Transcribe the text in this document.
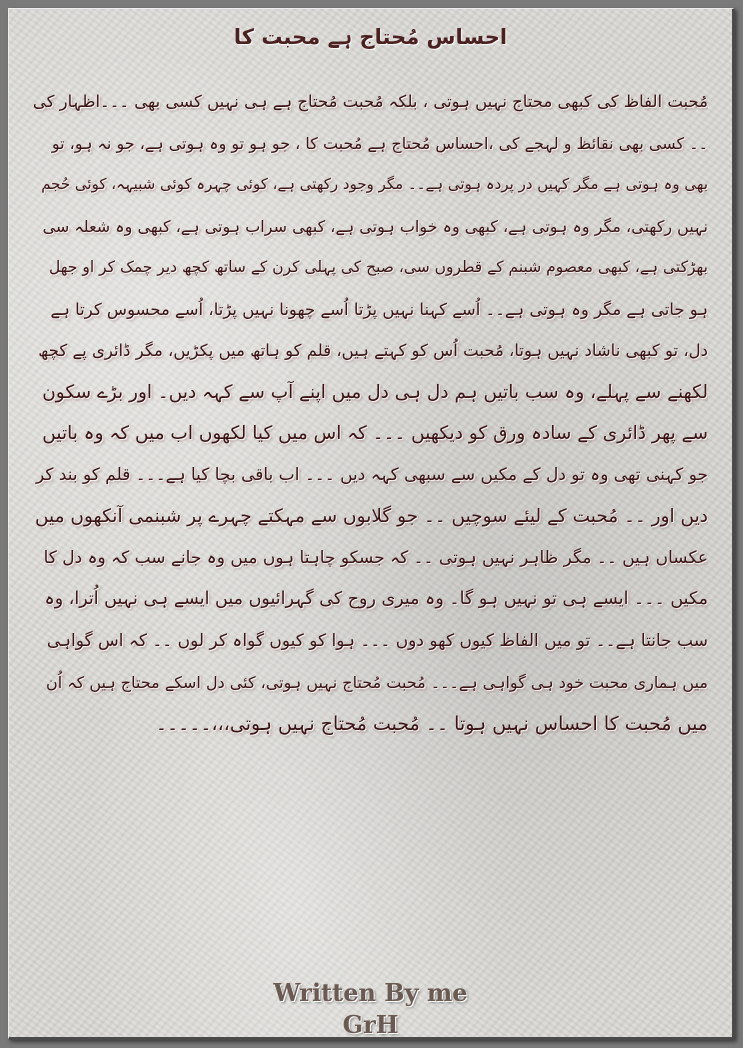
احساس مُحتاج ہے محبت کا
مُحبت الفاظ کی کبھی محتاج نہیں ہوتی ، بلکہ مُحبت مُحتاج ہے ہی نہیں کسی بھی ۔۔۔اظہار کی
۔۔ کسی بھی نقائظ و لہجے کی ،احساس مُحتاج ہے مُحبت کا ، جو ہو تو وہ ہوتی ہے، جو نہ ہو، تو
بھی وہ ہوتی ہے مگر کہیں در پردہ ہوتی ہے۔۔ مگر وجود رکھتی ہے، کوئی چہرہ کوئی شبیہہ، کوئی حُجم
نہیں رکھتی، مگر وہ ہوتی ہے، کبھی وہ خواب ہوتی ہے، کبھی سراب ہوتی ہے، کبھی وہ شعلہ سی
بھڑکتی ہے، کبھی معصوم شبنم کے قطروں سی، صبح کی پہلی کرن کے ساتھ کچھ دیر چمک کر او جھل
ہو جاتی ہے مگر وہ ہوتی ہے۔۔ اُسے کہنا نہیں پڑتا اُسے چھونا نہیں پڑتا، اُسے محسوس کرتا ہے
دل، تو کبھی ناشاد نہیں ہوتا، مُحبت اُس کو کہتے ہیں، قلم کو ہاتھ میں پکڑیں، مگر ڈائری پے کچھ
لکھنے سے پہلے، وہ سب باتیں ہم دل ہی دل میں اپنے آپ سے کہہ دیں۔ اور بڑے سکون
سے پھر ڈائری کے سادہ ورق کو دیکھیں ۔۔۔ کہ اس میں کیا لکھوں اب میں کہ وہ باتیں
جو کہنی تھی وہ تو دل کے مکیں سے سبھی کہہ دیں ۔۔۔ اب باقی بچا کیا ہے۔۔۔ قلم کو بند کر
دیں اور ۔۔ مُحبت کے لیئے سوچیں ۔۔ جو گلابوں سے مہکتے چہرے پر شبنمی آنکھوں میں
عکساں ہیں ۔۔ مگر ظاہر نہیں ہوتی ۔۔ کہ جسکو چاہتا ہوں میں وہ جانے سب کہ وہ دل کا
مکیں ۔۔۔ ایسے ہی تو نہیں ہو گا۔ وہ میری روح کی گہرائیوں میں ایسے ہی نہیں اُترا، وہ
سب جانتا ہے۔۔ تو میں الفاظ کیوں کھو دوں ۔۔۔ ہوا کو کیوں گواہ کر لوں ۔۔ کہ اس گواہی
میں ہماری محبت خود ہی گواہی ہے۔۔۔ مُحبت مُحتاج نہیں ہوتی، کئی دل اسکے محتاج ہیں کہ اُن
میں مُحبت کا احساس نہیں ہوتا ۔۔ مُحبت مُحتاج نہیں ہوتی،،،۔۔۔۔۔
Written By me
GrH
